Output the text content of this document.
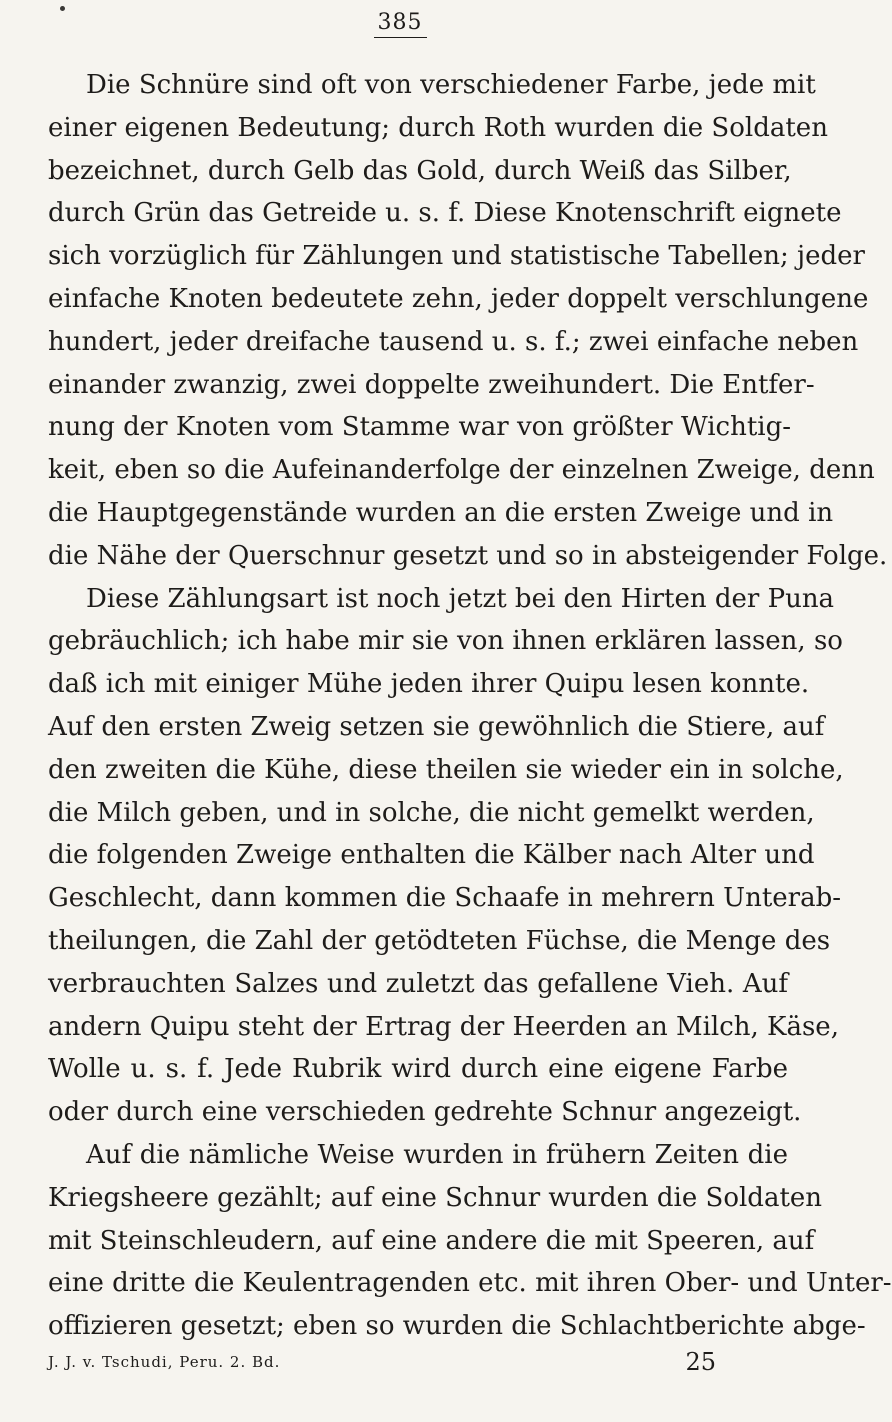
385
Die Schnüre sind oft von verschiedener Farbe, jede mit
einer eigenen Bedeutung; durch Roth wurden die Soldaten
bezeichnet, durch Gelb das Gold, durch Weiß das Silber,
durch Grün das Getreide u. s. f. Diese Knotenschrift eignete
sich vorzüglich für Zählungen und statistische Tabellen; jeder
einfache Knoten bedeutete zehn, jeder doppelt verschlungene
hundert, jeder dreifache tausend u. s. f.; zwei einfache neben
einander zwanzig, zwei doppelte zweihundert. Die Entfer-
nung der Knoten vom Stamme war von größter Wichtig-
keit, eben so die Aufeinanderfolge der einzelnen Zweige, denn
die Hauptgegenstände wurden an die ersten Zweige und in
die Nähe der Querschnur gesetzt und so in absteigender Folge.
Diese Zählungsart ist noch jetzt bei den Hirten der Puna
gebräuchlich; ich habe mir sie von ihnen erklären lassen, so
daß ich mit einiger Mühe jeden ihrer Quipu lesen konnte.
Auf den ersten Zweig setzen sie gewöhnlich die Stiere, auf
den zweiten die Kühe, diese theilen sie wieder ein in solche,
die Milch geben, und in solche, die nicht gemelkt werden,
die folgenden Zweige enthalten die Kälber nach Alter und
Geschlecht, dann kommen die Schaafe in mehrern Unterab-
theilungen, die Zahl der getödteten Füchse, die Menge des
verbrauchten Salzes und zuletzt das gefallene Vieh. Auf
andern Quipu steht der Ertrag der Heerden an Milch, Käse,
Wolle u. s. f. Jede Rubrik wird durch eine eigene Farbe
oder durch eine verschieden gedrehte Schnur angezeigt.
Auf die nämliche Weise wurden in frühern Zeiten die
Kriegsheere gezählt; auf eine Schnur wurden die Soldaten
mit Steinschleudern, auf eine andere die mit Speeren, auf
eine dritte die Keulentragenden etc. mit ihren Ober- und Unter-
offizieren gesetzt; eben so wurden die Schlachtberichte abge-
J. J. v. Tschudi, Peru. 2. Bd.	25
